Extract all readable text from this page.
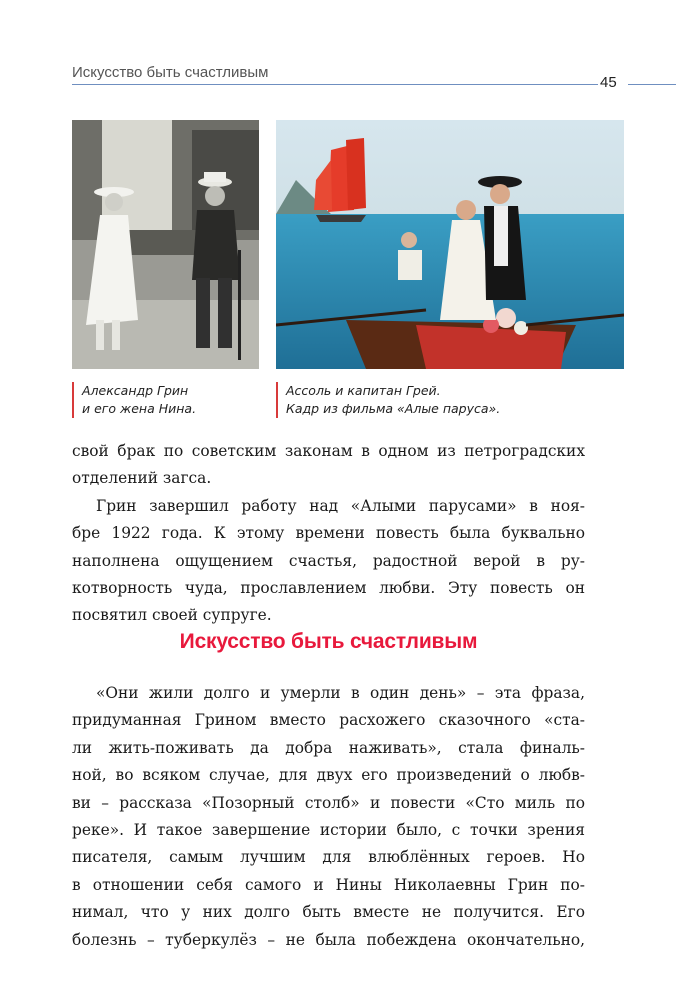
Искусство быть счастливым
45
Александр Грин
и его жена Нина.
Ассоль и капитан Грей.
Кадр из фильма «Алые паруса».

свой брак по советским законам в одном из петроградских
отделений загса.

Грин завершил работу над «Алыми парусами» в ноя-
бре 1922 года. К этому времени повесть была буквально
наполнена ощущением счастья, радостной верой в ру-
котворность чуда, прославлением любви. Эту повесть он
посвятил своей супруге.

Искусство быть счастливым

«Они жили долго и умерли в один день» – эта фраза,
придуманная Грином вместо расхожего сказочного «ста-
ли жить-поживать да добра наживать», стала финаль-
ной, во всяком случае, для двух его произведений о любв-
ви – рассказа «Позорный столб» и повести «Сто миль по
реке». И такое завершение истории было, с точки зрения
писателя, самым лучшим для влюблённых героев. Но
в отношении себя самого и Нины Николаевны Грин по-
нимал, что у них долго быть вместе не получится. Его
болезнь – туберкулёз – не была побеждена окончательно,
